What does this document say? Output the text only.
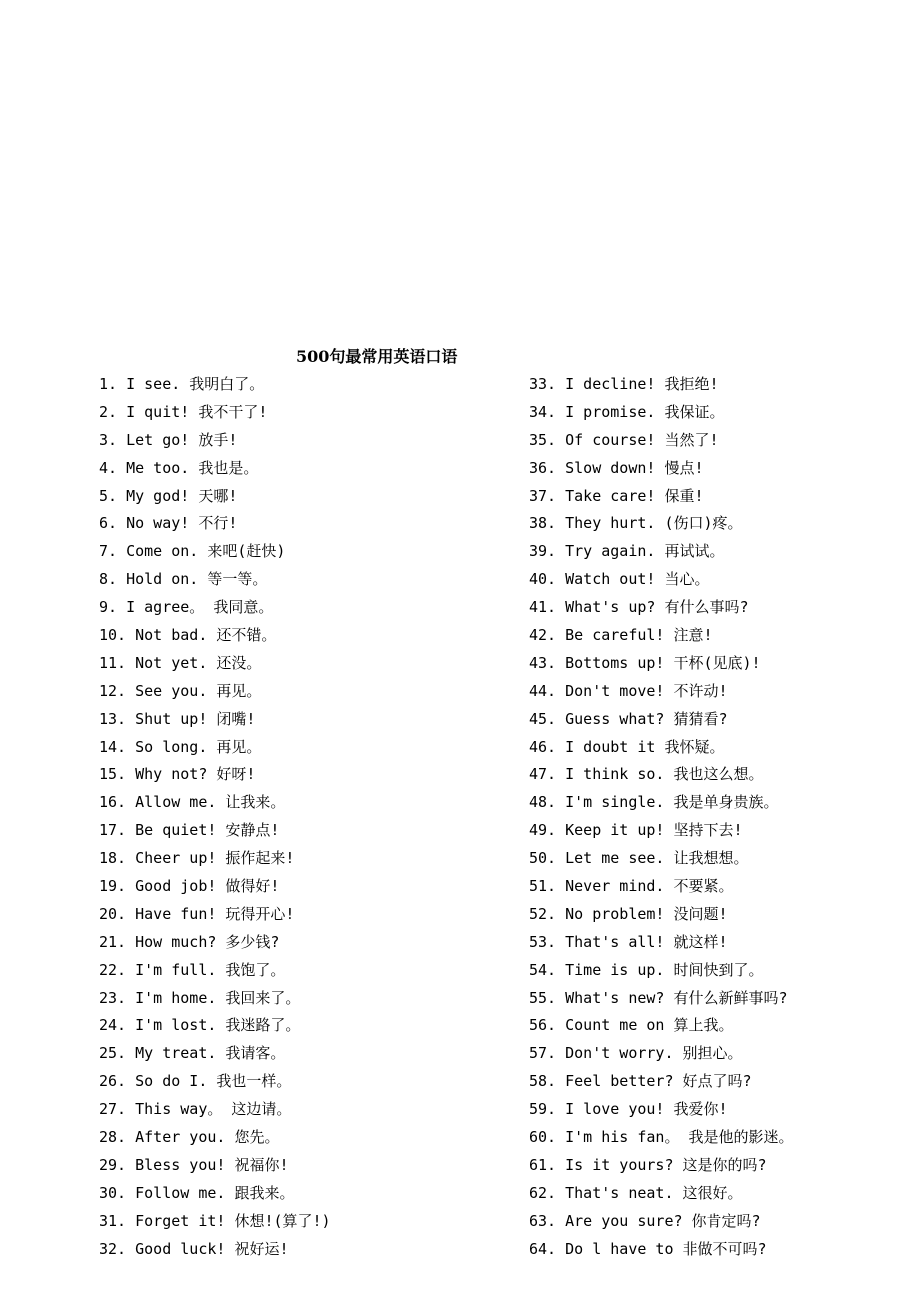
500句最常用英语口语
1. I see. 我明白了。
2. I quit! 我不干了!
3. Let go! 放手!
4. Me too. 我也是。
5. My god! 天哪!
6. No way! 不行!
7. Come on. 来吧(赶快)
8. Hold on. 等一等。
9. I agree。 我同意。
10. Not bad. 还不错。
11. Not yet. 还没。
12. See you. 再见。
13. Shut up! 闭嘴!
14. So long. 再见。
15. Why not? 好呀!
16. Allow me. 让我来。
17. Be quiet! 安静点!
18. Cheer up! 振作起来!
19. Good job! 做得好!
20. Have fun! 玩得开心!
21. How much? 多少钱?
22. I'm full. 我饱了。
23. I'm home. 我回来了。
24. I'm lost. 我迷路了。
25. My treat. 我请客。
26. So do I. 我也一样。
27. This way。 这边请。
28. After you. 您先。
29. Bless you! 祝福你!
30. Follow me. 跟我来。
31. Forget it! 休想!(算了!)
32. Good luck! 祝好运!
33. I decline! 我拒绝!
34. I promise. 我保证。
35. Of course! 当然了!
36. Slow down! 慢点!
37. Take care! 保重!
38. They hurt. (伤口)疼。
39. Try again. 再试试。
40. Watch out! 当心。
41. What's up? 有什么事吗?
42. Be careful! 注意!
43. Bottoms up! 干杯(见底)!
44. Don't move! 不许动!
45. Guess what? 猜猜看?
46. I doubt it 我怀疑。
47. I think so. 我也这么想。
48. I'm single. 我是单身贵族。
49. Keep it up! 坚持下去!
50. Let me see. 让我想想。
51. Never mind. 不要紧。
52. No problem! 没问题!
53. That's all! 就这样!
54. Time is up. 时间快到了。
55. What's new? 有什么新鲜事吗?
56. Count me on 算上我。
57. Don't worry. 别担心。
58. Feel better? 好点了吗?
59. I love you! 我爱你!
60. I'm his fan。 我是他的影迷。
61. Is it yours? 这是你的吗?
62. That's neat. 这很好。
63. Are you sure? 你肯定吗?
64. Do l have to 非做不可吗?
